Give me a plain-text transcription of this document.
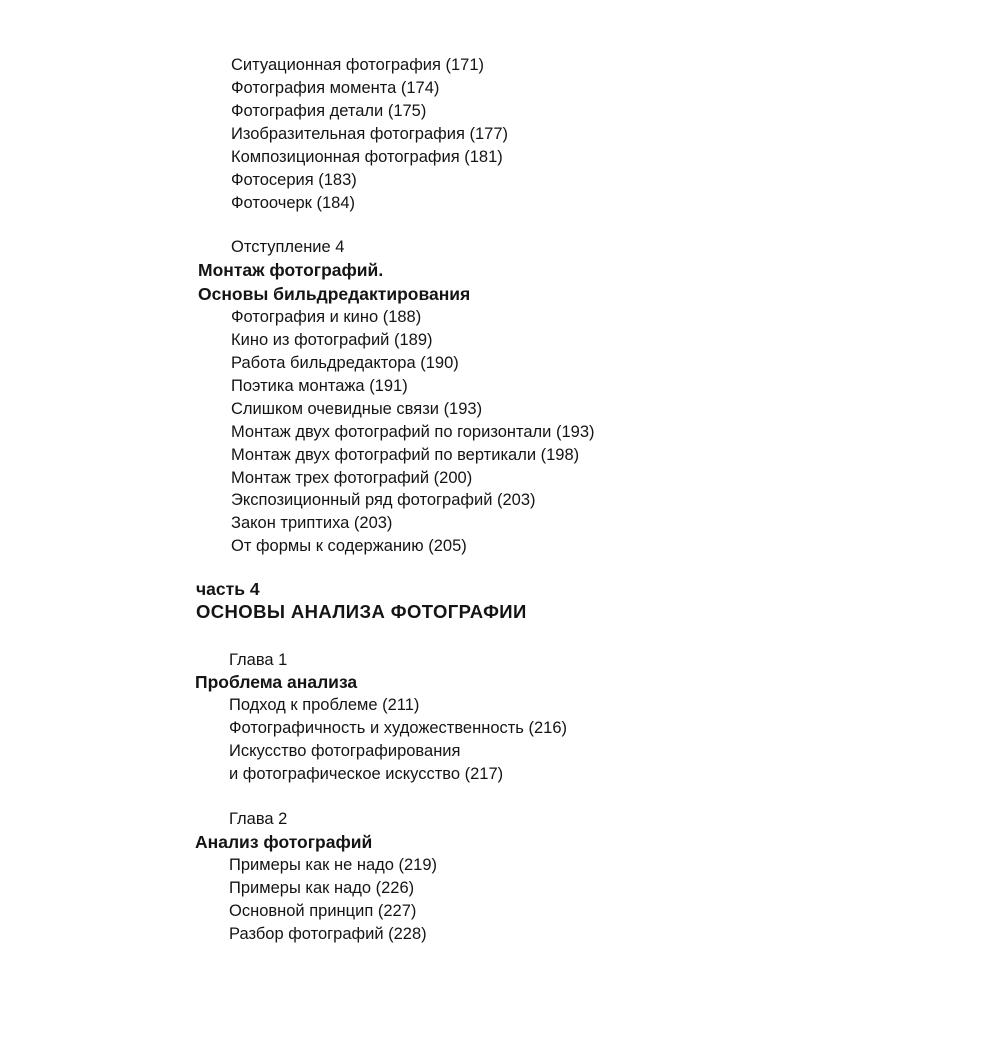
Ситуационная фотография (171)
Фотография момента (174)
Фотография детали (175)
Изобразительная фотография (177)
Композиционная фотография (181)
Фотосерия (183)
Фотоочерк (184)
Отступление 4
Монтаж фотографий.
Основы бильдредактирования
Фотография и кино (188)
Кино из фотографий (189)
Работа бильдредактора (190)
Поэтика монтажа (191)
Слишком очевидные связи (193)
Монтаж двух фотографий по горизонтали (193)
Монтаж двух фотографий по вертикали (198)
Монтаж трех фотографий (200)
Экспозиционный ряд фотографий (203)
Закон триптиха (203)
От формы к содержанию (205)
часть 4
ОСНОВЫ АНАЛИЗА ФОТОГРАФИИ
Глава 1
Проблема анализа
Подход к проблеме (211)
Фотографичность и художественность (216)
Искусство фотографирования
и фотографическое искусство (217)
Глава 2
Анализ фотографий
Примеры как не надо (219)
Примеры как надо (226)
Основной принцип (227)
Разбор фотографий (228)
